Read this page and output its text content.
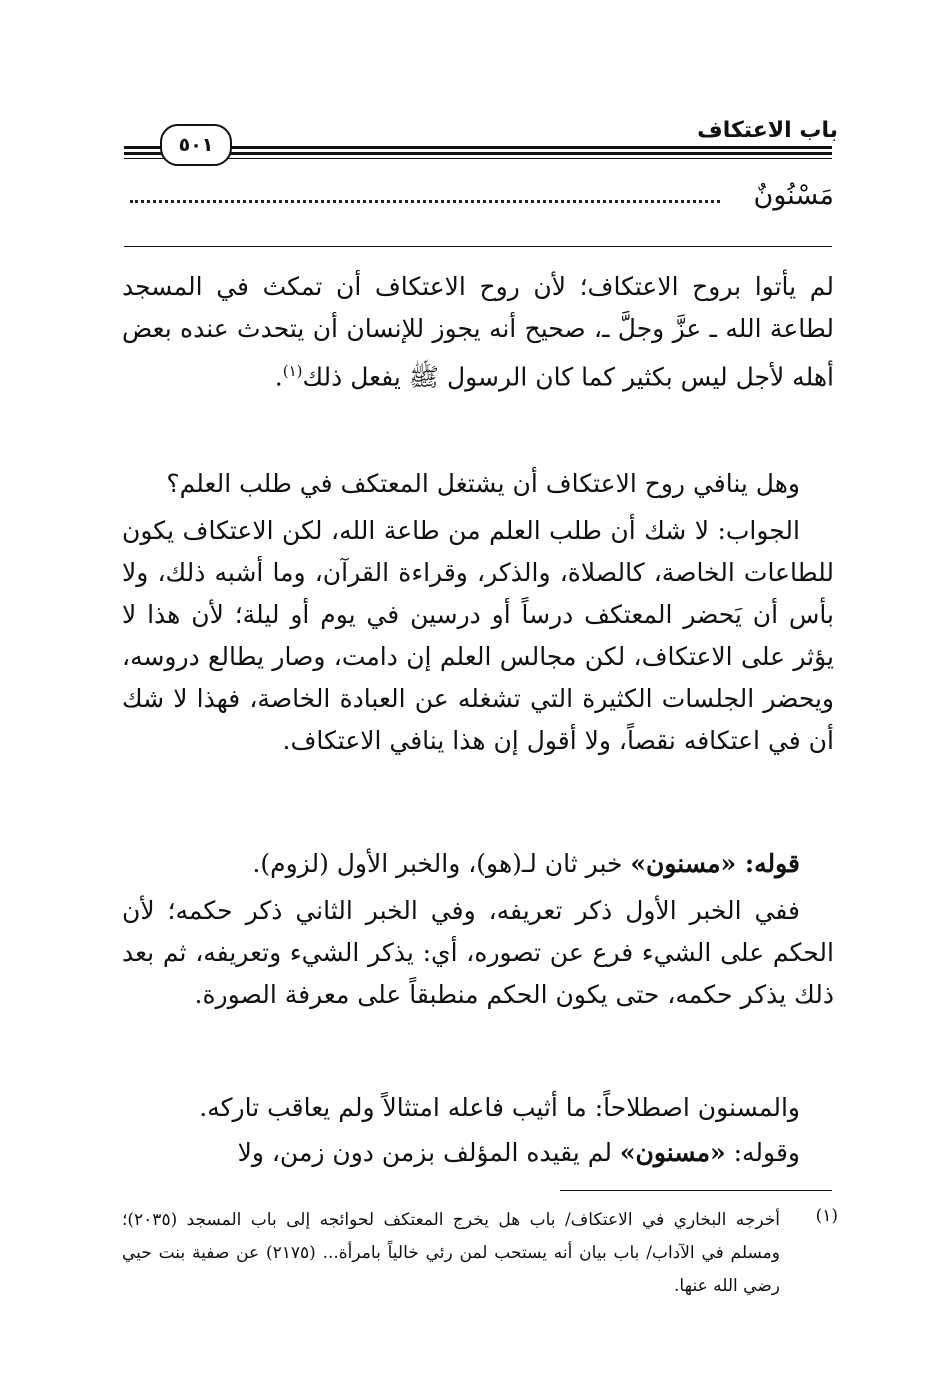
باب الاعتكاف
٥٠١
مَسْنُونٌ

لم يأتوا بروح الاعتكاف؛ لأن روح الاعتكاف أن تمكث في المسجد لطاعة الله ـ عزَّ وجلَّ ـ، صحيح أنه يجوز للإنسان أن يتحدث عنده بعض أهله لأجل ليس بكثير كما كان الرسول ﷺ يفعل ذلك$^{(١)}$.

وهل ينافي روح الاعتكاف أن يشتغل المعتكف في طلب العلم؟

الجواب: لا شك أن طلب العلم من طاعة الله، لكن الاعتكاف يكون للطاعات الخاصة، كالصلاة، والذكر، وقراءة القرآن، وما أشبه ذلك، ولا بأس أن يَحضر المعتكف درساً أو درسين في يوم أو ليلة؛ لأن هذا لا يؤثر على الاعتكاف، لكن مجالس العلم إن دامت، وصار يطالع دروسه، ويحضر الجلسات الكثيرة التي تشغله عن العبادة الخاصة، فهذا لا شك أن في اعتكافه نقصاً، ولا أقول إن هذا ينافي الاعتكاف.

قوله: «مسنون» خبر ثان لـ(هو)، والخبر الأول (لزوم).

ففي الخبر الأول ذكر تعريفه، وفي الخبر الثاني ذكر حكمه؛ لأن الحكم على الشيء فرع عن تصوره، أي: يذكر الشيء وتعريفه، ثم بعد ذلك يذكر حكمه، حتى يكون الحكم منطبقاً على معرفة الصورة.

والمسنون اصطلاحاً: ما أثيب فاعله امتثالاً ولم يعاقب تاركه.

وقوله: «مسنون» لم يقيده المؤلف بزمن دون زمن، ولا

(١)

أخرجه البخاري في الاعتكاف/ باب هل يخرج المعتكف لحوائجه إلى باب المسجد (٢٠٣٥)؛ ومسلم في الآداب/ باب بيان أنه يستحب لمن رئي خالياً بامرأة... (٢١٧٥) عن صفية بنت حيي رضي الله عنها.
